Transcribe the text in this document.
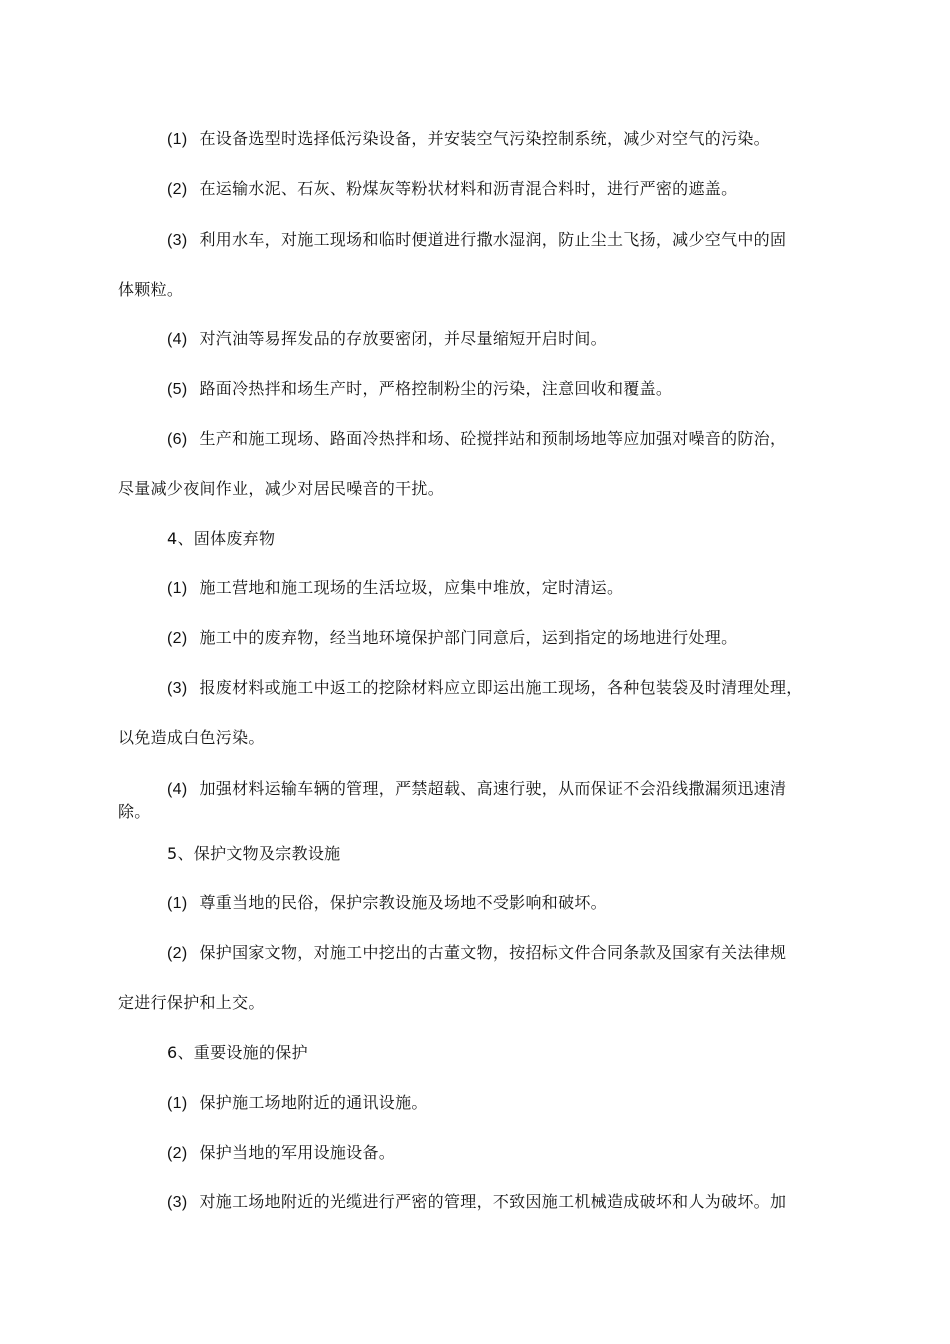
(1) 在设备选型时选择低污染设备，并安装空气污染控制系统，减少对空气的污染。
(2) 在运输水泥、石灰、粉煤灰等粉状材料和沥青混合料时，进行严密的遮盖。
(3) 利用水车，对施工现场和临时便道进行撒水湿润，防止尘土飞扬，减少空气中的固
体颗粒。
(4) 对汽油等易挥发品的存放要密闭，并尽量缩短开启时间。
(5) 路面冷热拌和场生产时，严格控制粉尘的污染，注意回收和覆盖。
(6) 生产和施工现场、路面冷热拌和场、砼搅拌站和预制场地等应加强对噪音的防治，
尽量减少夜间作业，减少对居民噪音的干扰。
4、固体废弃物
(1) 施工营地和施工现场的生活垃圾，应集中堆放，定时清运。
(2) 施工中的废弃物，经当地环境保护部门同意后，运到指定的场地进行处理。
(3) 报废材料或施工中返工的挖除材料应立即运出施工现场，各种包装袋及时清理处理，
以免造成白色污染。
(4) 加强材料运输车辆的管理，严禁超载、高速行驶，从而保证不会沿线撒漏须迅速清
除。
5、保护文物及宗教设施
(1) 尊重当地的民俗，保护宗教设施及场地不受影响和破坏。
(2) 保护国家文物，对施工中挖出的古董文物，按招标文件合同条款及国家有关法律规
定进行保护和上交。
6、重要设施的保护
(1) 保护施工场地附近的通讯设施。
(2) 保护当地的军用设施设备。
(3) 对施工场地附近的光缆进行严密的管理，不致因施工机械造成破坏和人为破坏。加
